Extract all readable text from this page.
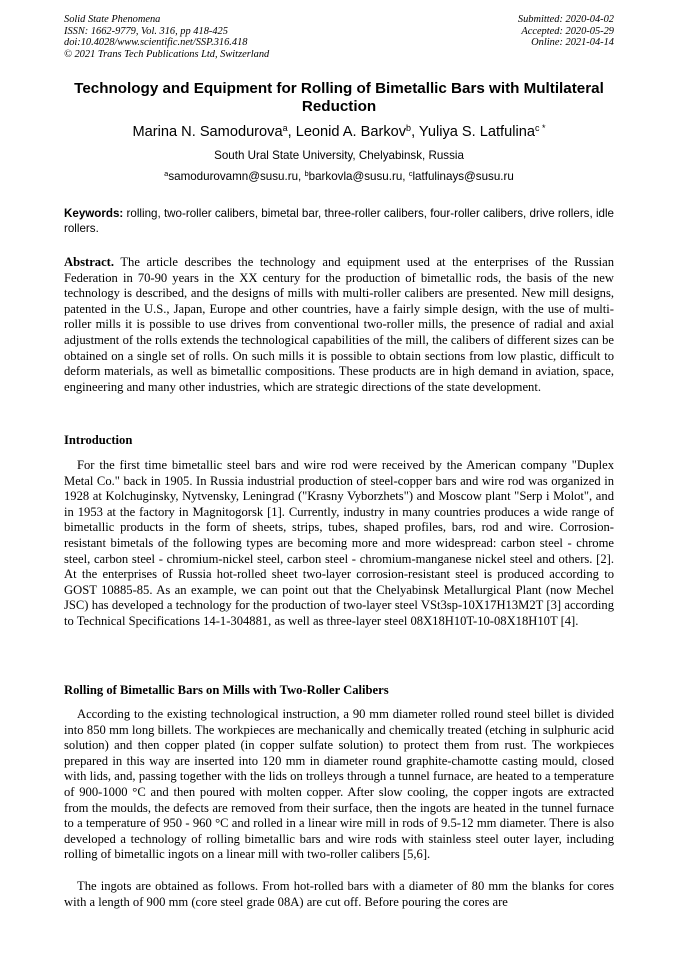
Solid State Phenomena
ISSN: 1662-9779, Vol. 316, pp 418-425
doi:10.4028/www.scientific.net/SSP.316.418
© 2021 Trans Tech Publications Ltd, Switzerland
Submitted: 2020-04-02
Accepted: 2020-05-29
Online: 2021-04-14
Technology and Equipment for Rolling of Bimetallic Bars with Multilateral Reduction
Marina N. Samodurova$^a$, Leonid A. Barkov$^b$, Yuliya S. Latfulina$^{c *}$
South Ural State University, Chelyabinsk, Russia
$^a$samodurovamn@susu.ru, $^b$barkovla@susu.ru, $^c$latfulinays@susu.ru
Keywords: rolling, two-roller calibers, bimetal bar, three-roller calibers, four-roller calibers, drive rollers, idle rollers.
Abstract. The article describes the technology and equipment used at the enterprises of the Russian Federation in 70-90 years in the XX century for the production of bimetallic rods, the basis of the new technology is described, and the designs of mills with multi-roller calibers are presented. New mill designs, patented in the U.S., Japan, Europe and other countries, have a fairly simple design, with the use of multi-roller mills it is possible to use drives from conventional two-roller mills, the presence of radial and axial adjustment of the rolls extends the technological capabilities of the mill, the calibers of different sizes can be obtained on a single set of rolls. On such mills it is possible to obtain sections from low plastic, difficult to deform materials, as well as bimetallic compositions. These products are in high demand in aviation, space, engineering and many other industries, which are strategic directions of the state development.
Introduction
For the first time bimetallic steel bars and wire rod were received by the American company "Duplex Metal Co." back in 1905. In Russia industrial production of steel-copper bars and wire rod was organized in 1928 at Kolchuginsky, Nytvensky, Leningrad ("Krasny Vyborzhets") and Moscow plant "Serp i Molot", and in 1953 at the factory in Magnitogorsk [1]. Currently, industry in many countries produces a wide range of bimetallic products in the form of sheets, strips, tubes, shaped profiles, bars, rod and wire. Corrosion-resistant bimetals of the following types are becoming more and more widespread: carbon steel - chrome steel, carbon steel - chromium-nickel steel, carbon steel - chromium-manganese nickel steel and others. [2]. At the enterprises of Russia hot-rolled sheet two-layer corrosion-resistant steel is produced according to GOST 10885-85. As an example, we can point out that the Chelyabinsk Metallurgical Plant (now Mechel JSC) has developed a technology for the production of two-layer steel VSt3sp-10X17H13M2T [3] according to Technical Specifications 14-1-304881, as well as three-layer steel 08X18H10T-10-08X18H10T [4].
Rolling of Bimetallic Bars on Mills with Two-Roller Calibers
According to the existing technological instruction, a 90 mm diameter rolled round steel billet is divided into 850 mm long billets. The workpieces are mechanically and chemically treated (etching in sulphuric acid solution) and then copper plated (in copper sulfate solution) to protect them from rust. The workpieces prepared in this way are inserted into 120 mm in diameter round graphite-chamotte casting mould, closed with lids, and, passing together with the lids on trolleys through a tunnel furnace, are heated to a temperature of 900-1000 °C and then poured with molten copper. After slow cooling, the copper ingots are extracted from the moulds, the defects are removed from their surface, then the ingots are heated in the tunnel furnace to a temperature of 950 - 960 °C and rolled in a linear wire mill in rods of 9.5-12 mm diameter. There is also developed a technology of rolling bimetallic bars and wire rods with stainless steel outer layer, including rolling of bimetallic ingots on a linear mill with two-roller calibers [5,6].
The ingots are obtained as follows. From hot-rolled bars with a diameter of 80 mm the blanks for cores with a length of 900 mm (core steel grade 08A) are cut off. Before pouring the cores are
